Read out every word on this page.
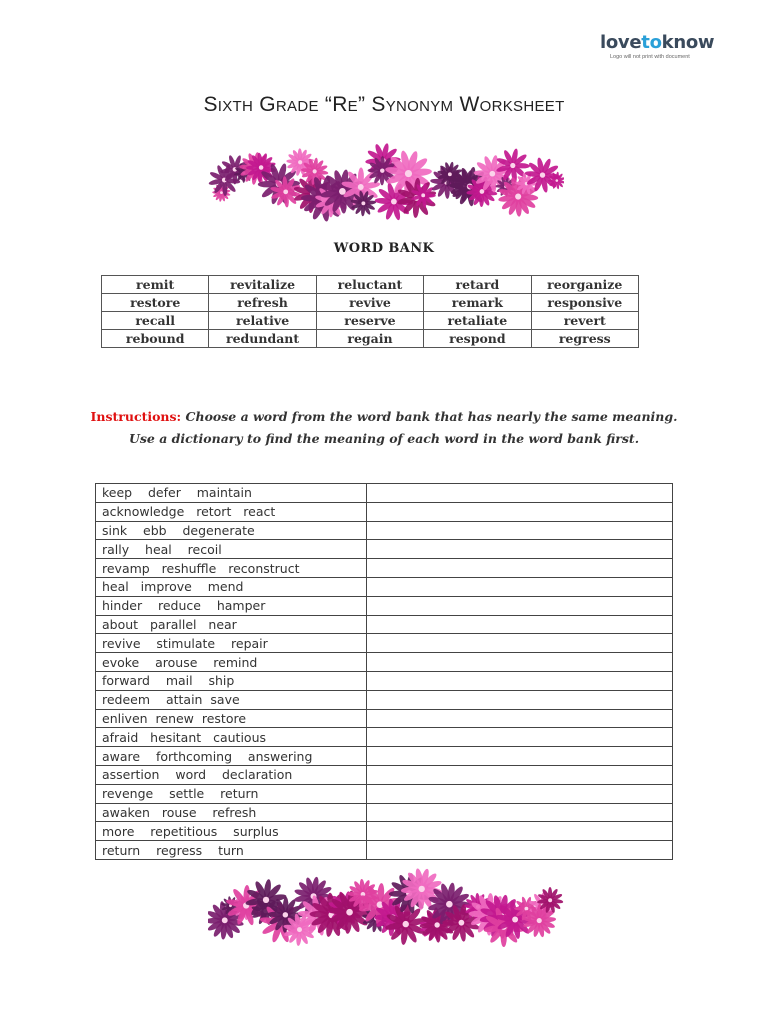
lovetoknow
Logo will not print with document
Sixth Grade “Re” Synonym Worksheet
WORD BANK
remit	revitalize	reluctant	retard	reorganize
restore	refresh	revive	remark	responsive
recall	relative	reserve	retaliate	revert
rebound	redundant	regain	respond	regress
Instructions: Choose a word from the word bank that has nearly the same meaning.
Use a dictionary to find the meaning of each word in the word bank first.
keep    defer    maintain	
acknowledge   retort   react	
sink    ebb    degenerate	
rally    heal    recoil	
revamp   reshuffle   reconstruct	
heal   improve    mend	
hinder    reduce    hamper	
about   parallel   near	
revive    stimulate    repair	
evoke    arouse    remind	
forward    mail    ship	
redeem    attain  save	
enliven  renew  restore	
afraid   hesitant   cautious	
aware    forthcoming    answering	
assertion    word    declaration	
revenge    settle    return	
awaken   rouse    refresh	
more    repetitious    surplus	
return    regress    turn	
